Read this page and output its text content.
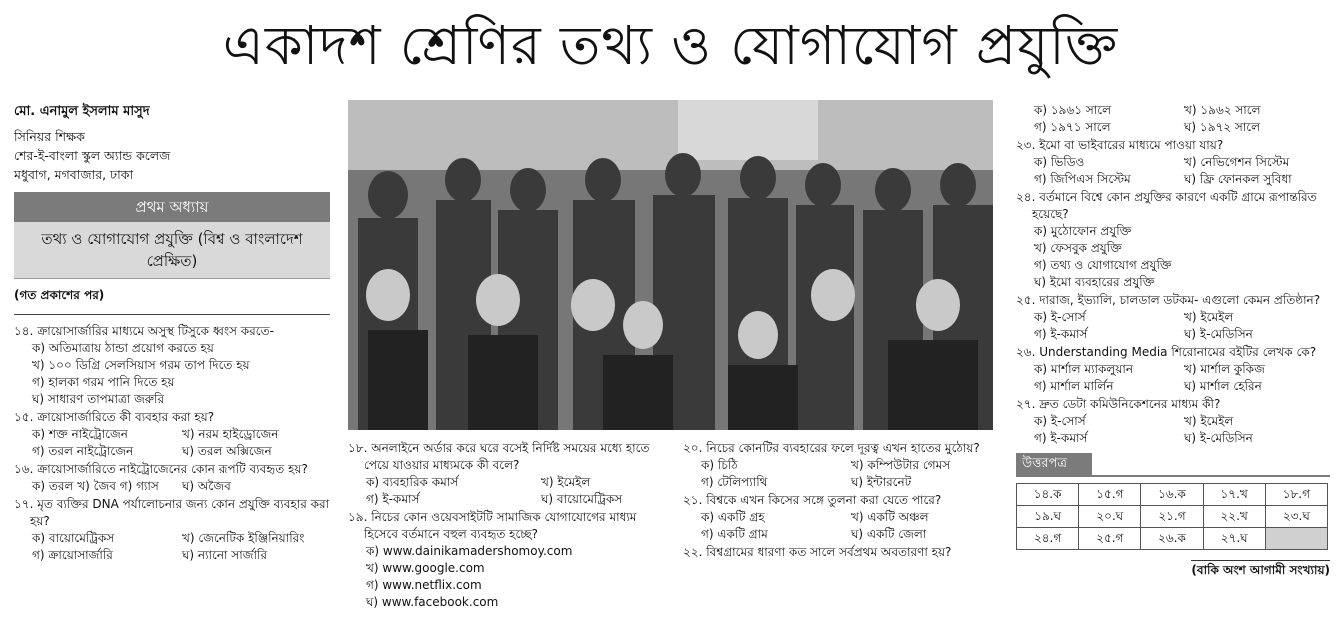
একাদশ শ্রেণির তথ্য ও যোগাযোগ প্রযুক্তি
মো. এনামুল ইসলাম মাসুদ
সিনিয়র শিক্ষক
শের-ই-বাংলা স্কুল অ্যান্ড কলেজ
মধুবাগ, মগবাজার, ঢাকা
প্রথম অধ্যায়
তথ্য ও যোগাযোগ প্রযুক্তি (বিশ্ব ও বাংলাদেশ প্রেক্ষিত)
(গত প্রকাশের পর)
১৪. ক্রায়োসার্জারির মাধ্যমে অসুস্থ টিসুকে ধ্বংস করতে-
ক) অতিমাত্রায় ঠান্ডা প্রয়োগ করতে হয়
খ) ১০০ ডিগ্রি সেলসিয়াস গরম তাপ দিতে হয়
গ) হালকা গরম পানি দিতে হয়
ঘ) সাধারণ তাপমাত্রা জরুরি
১৫. ক্রায়োসার্জারিতে কী ব্যবহার করা হয়?
ক) শক্ত নাইট্রোজেন	খ) নরম হাইড্রোজেন
গ) তরল নাইট্রোজেন	ঘ) তরল অক্সিজেন
১৬. ক্রায়োসার্জারিতে নাইট্রোজেনের কোন রূপটি ব্যবহৃত হয়?
ক) তরল খ) জৈব গ) গ্যাস	ঘ) অজৈব
১৭. মৃত ব্যক্তির DNA পর্যালোচনার জন্য কোন প্রযুক্তি ব্যবহার করা হয়?
ক) বায়োমেট্রিকস	খ) জেনেটিক ইঞ্জিনিয়ারিং
গ) ক্রায়োসার্জারি	ঘ) ন্যানো সার্জারি
১৮. অনলাইনে অর্ডার করে ঘরে বসেই নির্দিষ্ট সময়ের মধ্যে হাতে পেয়ে যাওয়ার মাধ্যমকে কী বলে?
ক) ব্যবহারিক কমার্স	খ) ইমেইল
গ) ই-কমার্স	ঘ) বায়োমেট্রিকস
১৯. নিচের কোন ওয়েবসাইটটি সামাজিক যোগাযোগের মাধ্যম হিসেবে বর্তমানে বহুল ব্যবহৃত হচ্ছে?
ক) www.dainikamadershomoy.com
খ) www.google.com
গ) www.netflix.com
ঘ) www.facebook.com
২০. নিচের কোনটির ব্যবহারের ফলে দূরত্ব এখন হাতের মুঠোয়?
ক) চিঠি	খ) কম্পিউটার গেমস
গ) টেলিপ্যাথি	ঘ) ইন্টারনেট
২১. বিশ্বকে এখন কিসের সঙ্গে তুলনা করা যেতে পারে?
ক) একটি গ্রহ	খ) একটি অঞ্চল
গ) একটি গ্রাম	ঘ) একটি জেলা
২২. বিশ্বগ্রামের ধারণা কত সালে সর্বপ্রথম অবতারণা হয়?
ক) ১৯৬১ সালে	খ) ১৯৬২ সালে
গ) ১৯৭১ সালে	ঘ) ১৯৭২ সালে
২৩. ইমো বা ভাইবারের মাধ্যমে পাওয়া যায়?
ক) ভিডিও	খ) নেভিগেশন সিস্টেম
গ) জিপিএস সিস্টেম	ঘ) ফ্রি ফোনকল সুবিধা
২৪. বর্তমানে বিশ্বে কোন প্রযুক্তির কারণে একটি গ্রামে রূপান্তরিত হয়েছে?
ক) মুঠোফোন প্রযুক্তি
খ) ফেসবুক প্রযুক্তি
গ) তথ্য ও যোগাযোগ প্রযুক্তি
ঘ) ইমো ব্যবহারের প্রযুক্তি
২৫. দারাজ, ইভ্যালি, চালডাল ডটকম- এগুলো কেমন প্রতিষ্ঠান?
ক) ই-সোর্স	খ) ইমেইল
গ) ই-কমার্স	ঘ) ই-মেডিসিন
২৬. Understanding Media শিরোনামের বইটির লেখক কে?
ক) মার্শাল ম্যাকলুয়ান	খ) মার্শাল কুকিজ
গ) মার্শাল মার্লিন	ঘ) মার্শাল হেরিন
২৭. দ্রুত ডেটা কমিউনিকেশনের মাধ্যম কী?
ক) ই-সোর্স	খ) ইমেইল
গ) ই-কমার্স	ঘ) ই-মেডিসিন
উত্তরপত্র
১৪.ক	১৫.গ	১৬.ক	১৭.খ	১৮.গ
১৯.ঘ	২০.ঘ	২১.গ	২২.খ	২৩.ঘ
২৪.গ	২৫.গ	২৬.ক	২৭.ঘ	
(বাকি অংশ আগামী সংখ্যায়)
